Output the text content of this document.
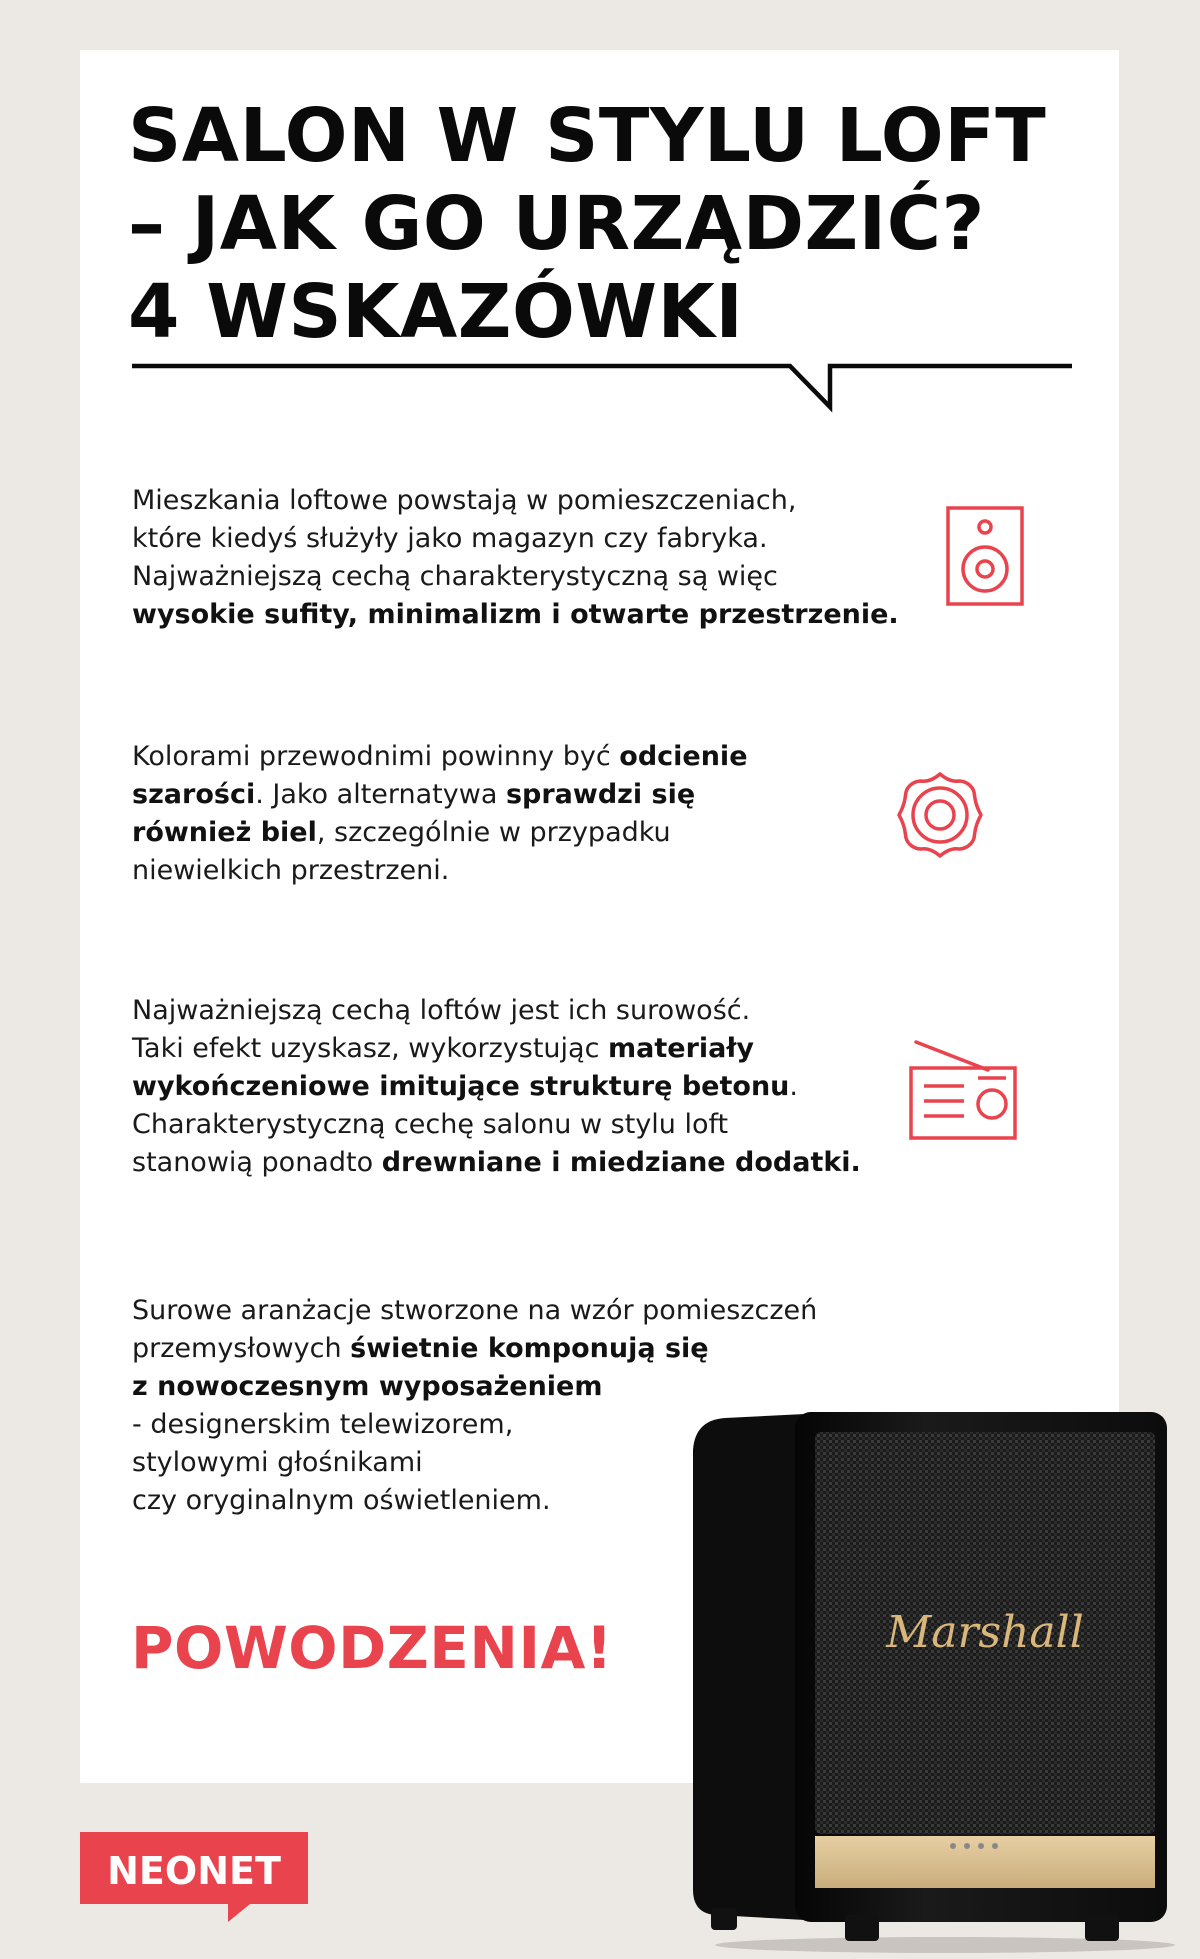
SALON W STYLU LOFT
– JAK GO URZĄDZIĆ?
4 WSKAZÓWKI

Mieszkania loftowe powstają w pomieszczeniach,
które kiedyś służyły jako magazyn czy fabryka.
Najważniejszą cechą charakterystyczną są więc
wysokie sufity, minimalizm i otwarte przestrzenie.

Kolorami przewodnimi powinny być odcienie
szarości. Jako alternatywa sprawdzi się
również biel, szczególnie w przypadku
niewielkich przestrzeni.

Najważniejszą cechą loftów jest ich surowość.
Taki efekt uzyskasz, wykorzystując materiały
wykończeniowe imitujące strukturę betonu.
Charakterystyczną cechę salonu w stylu loft
stanowią ponadto drewniane i miedziane dodatki.

Surowe aranżacje stworzone na wzór pomieszczeń
przemysłowych świetnie komponują się
z nowoczesnym wyposażeniem
- designerskim telewizorem,
stylowymi głośnikami
czy oryginalnym oświetleniem.

POWODZENIA!
NEONET
Marshall
